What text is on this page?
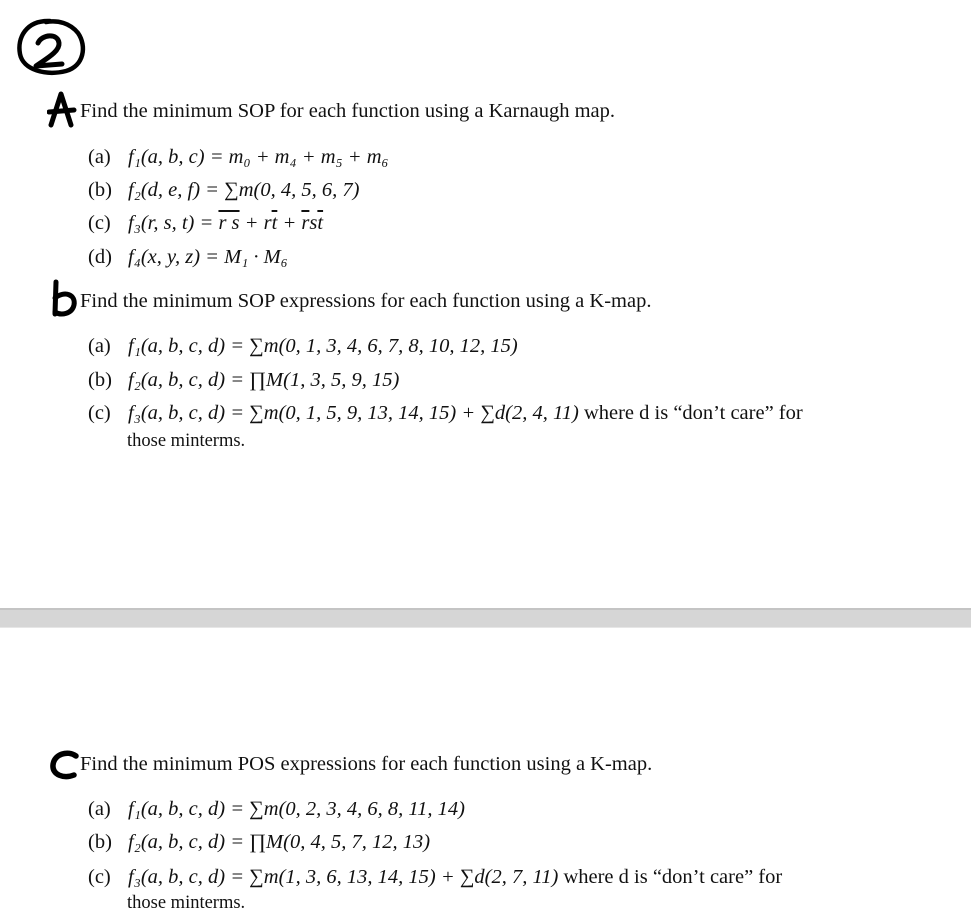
2
A
Find the minimum SOP for each function using a Karnaugh map.
(a) f₁(a, b, c) = m₀ + m₄ + m₅ + m₆
(b) f₂(d, e, f) = ∑m(0, 4, 5, 6, 7)
(c) f₃(r, s, t) = r $s + r\overline{t} + \overline{r}s\overline{t}$
(d) f₄(x, y, z) = M₁ · M₆
b
Find the minimum SOP expressions for each function using a K-map.
(a) f₁(a, b, c, d) = ∑m(0, 1, 3, 4, 6, 7, 8, 10, 12, 15)
(b) f₂(a, b, c, d) = ∏M(1, 3, 5, 9, 15)
(c) f₃(a, b, c, d) = ∑m(0, 1, 5, 9, 13, 14, 15) + ∑d(2, 4, 11) where d is “don’t care” for
those minterms.
C
Find the minimum POS expressions for each function using a K-map.
(a) f₁(a, b, c, d) = ∑m(0, 2, 3, 4, 6, 8, 11, 14)
(b) f₂(a, b, c, d) = ∏M(0, 4, 5, 7, 12, 13)
(c) f₃(a, b, c, d) = ∑m(1, 3, 6, 13, 14, 15) + ∑d(2, 7, 11) where d is “don’t care” for
those minterms.
